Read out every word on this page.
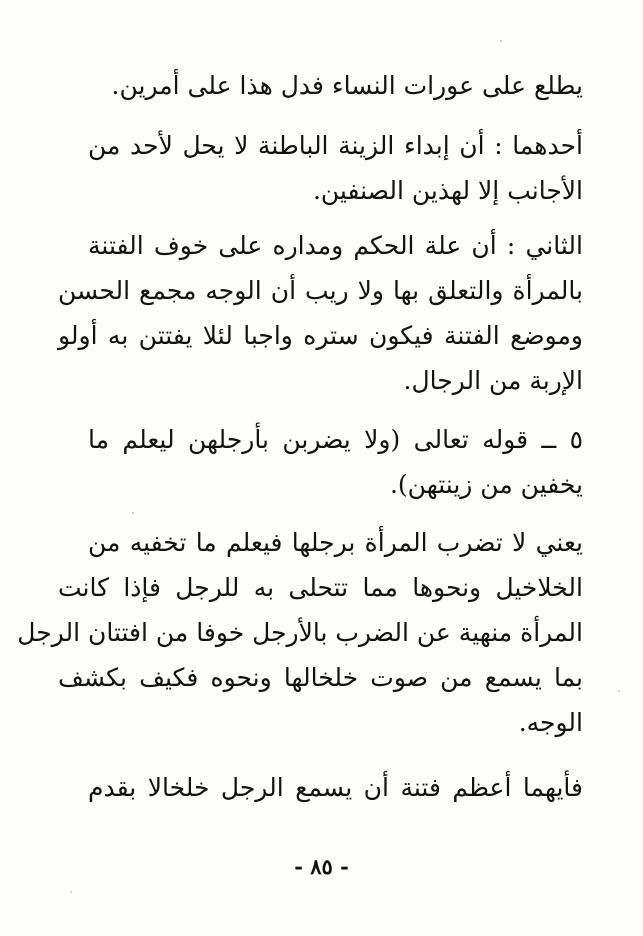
يطلع على عورات النساء فدل هذا على أمرين.
أحدهما : أن إبداء الزينة الباطنة لا يحل لأحد من
الأجانب إلا لهذين الصنفين.
الثاني : أن علة الحكم ومداره على خوف الفتنة
بالمرأة والتعلق بها ولا ريب أن الوجه مجمع الحسن
وموضع الفتنة فيكون ستره واجبا لئلا يفتتن به أولو
الإربة من الرجال.
٥ ــ قوله تعالى (ولا يضربن بأرجلهن ليعلم ما
يخفين من زينتهن).
يعني لا تضرب المرأة برجلها فيعلم ما تخفيه من
الخلاخيل ونحوها مما تتحلى به للرجل فإذا كانت
المرأة منهية عن الضرب بالأرجل خوفا من افتتان الرجل
بما يسمع من صوت خلخالها ونحوه فكيف بكشف
الوجه.
فأيهما أعظم فتنة أن يسمع الرجل خلخالا بقدم
- ٨٥ -
